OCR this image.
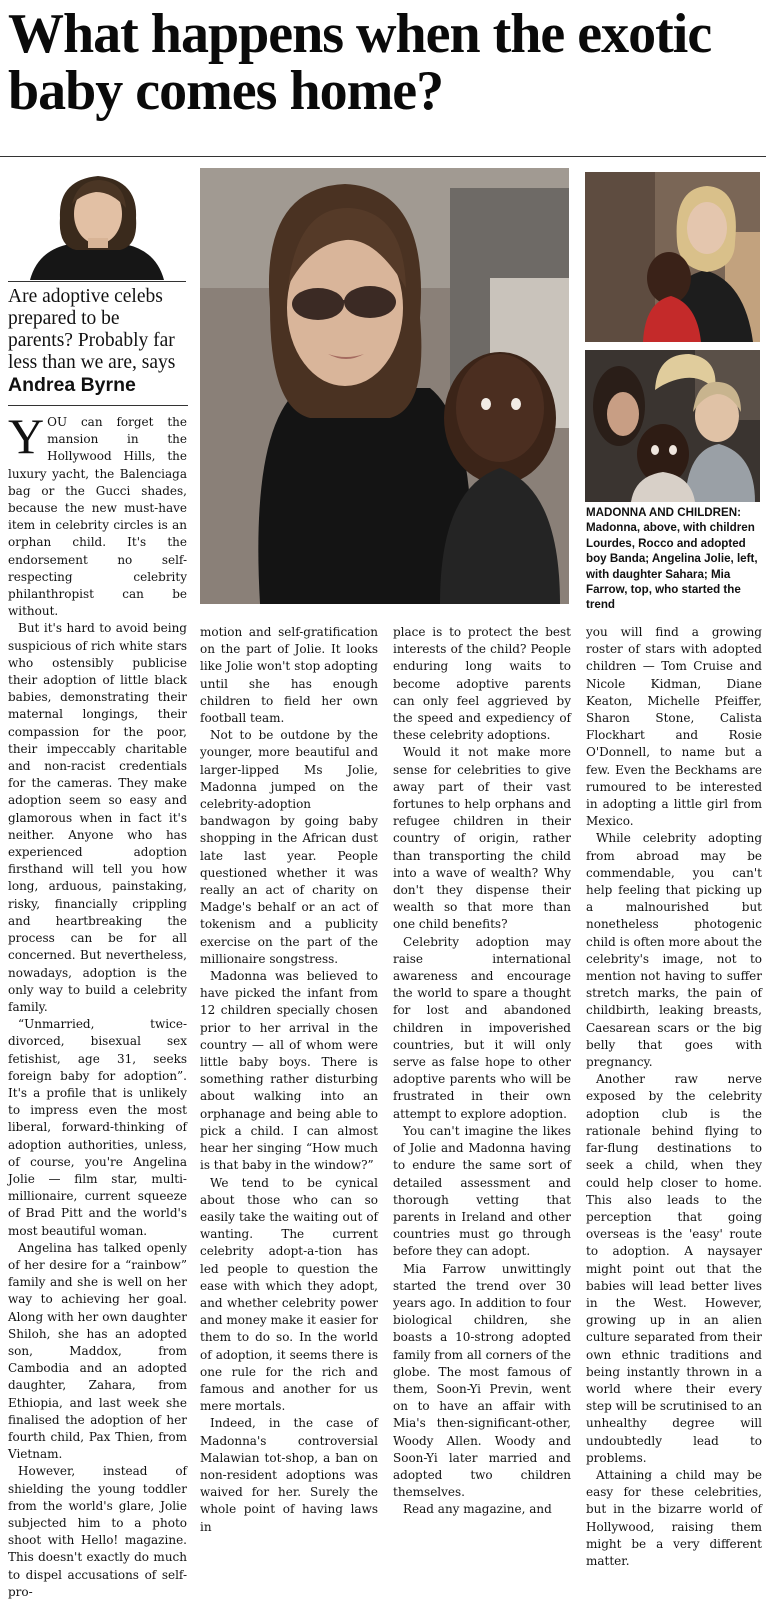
What happens when the exotic baby comes home?

Are adoptive celebs prepared to be parents? Probably far less than we are, says Andrea Byrne

MADONNA AND CHILDREN: Madonna, above, with children Lourdes, Rocco and adopted boy Banda; Angelina Jolie, left, with daughter Sahara; Mia Farrow, top, who started the trend

YOU can forget the mansion in the Hollywood Hills, the luxury yacht, the Balenciaga bag or the Gucci shades, because the new must-have item in celebrity circles is an orphan child. It's the endorsement no self-respecting celebrity philanthropist can be without.

But it's hard to avoid being suspicious of rich white stars who ostensibly publicise their adoption of little black babies, demonstrating their maternal longings, their compassion for the poor, their impeccably charitable and non-racist credentials for the cameras. They make adoption seem so easy and glamorous when in fact it's neither. Anyone who has experienced adoption firsthand will tell you how long, arduous, painstaking, risky, financially crippling and heartbreaking the process can be for all concerned. But nevertheless, nowadays, adoption is the only way to build a celebrity family.

“Unmarried, twice-divorced, bisexual sex fetishist, age 31, seeks foreign baby for adoption”. It's a profile that is unlikely to impress even the most liberal, forward-thinking of adoption authorities, unless, of course, you're Angelina Jolie — film star, multi-millionaire, current squeeze of Brad Pitt and the world's most beautiful woman.

Angelina has talked openly of her desire for a “rainbow” family and she is well on her way to achieving her goal. Along with her own daughter Shiloh, she has an adopted son, Maddox, from Cambodia and an adopted daughter, Zahara, from Ethiopia, and last week she finalised the adoption of her fourth child, Pax Thien, from Vietnam.

However, instead of shielding the young toddler from the world's glare, Jolie subjected him to a photo shoot with Hello! magazine. This doesn't exactly do much to dispel accusations of self-pro-

motion and self-gratification on the part of Jolie. It looks like Jolie won't stop adopting until she has enough children to field her own football team.

Not to be outdone by the younger, more beautiful and larger-lipped Ms Jolie, Madonna jumped on the celebrity-adoption bandwagon by going baby shopping in the African dust late last year. People questioned whether it was really an act of charity on Madge's behalf or an act of tokenism and a publicity exercise on the part of the millionaire songstress.

Madonna was believed to have picked the infant from 12 children specially chosen prior to her arrival in the country — all of whom were little baby boys. There is something rather disturbing about walking into an orphanage and being able to pick a child. I can almost hear her singing “How much is that baby in the window?”

We tend to be cynical about those who can so easily take the waiting out of wanting. The current celebrity adopt-a-tion has led people to question the ease with which they adopt, and whether celebrity power and money make it easier for them to do so. In the world of adoption, it seems there is one rule for the rich and famous and another for us mere mortals.

Indeed, in the case of Madonna's controversial Malawian tot-shop, a ban on non-resident adoptions was waived for her. Surely the whole point of having laws in

place is to protect the best interests of the child? People enduring long waits to become adoptive parents can only feel aggrieved by the speed and expediency of these celebrity adoptions.

Would it not make more sense for celebrities to give away part of their vast fortunes to help orphans and refugee children in their country of origin, rather than transporting the child into a wave of wealth? Why don't they dispense their wealth so that more than one child benefits?

Celebrity adoption may raise international awareness and encourage the world to spare a thought for lost and abandoned children in impoverished countries, but it will only serve as false hope to other adoptive parents who will be frustrated in their own attempt to explore adoption.

You can't imagine the likes of Jolie and Madonna having to endure the same sort of detailed assessment and thorough vetting that parents in Ireland and other countries must go through before they can adopt.

Mia Farrow unwittingly started the trend over 30 years ago. In addition to four biological children, she boasts a 10-strong adopted family from all corners of the globe. The most famous of them, Soon-Yi Previn, went on to have an affair with Mia's then-significant-other, Woody Allen. Woody and Soon-Yi later married and adopted two children themselves.

Read any magazine, and

you will find a growing roster of stars with adopted children — Tom Cruise and Nicole Kidman, Diane Keaton, Michelle Pfeiffer, Sharon Stone, Calista Flockhart and Rosie O'Donnell, to name but a few. Even the Beckhams are rumoured to be interested in adopting a little girl from Mexico.

While celebrity adopting from abroad may be commendable, you can't help feeling that picking up a malnourished but nonetheless photogenic child is often more about the celebrity's image, not to mention not having to suffer stretch marks, the pain of childbirth, leaking breasts, Caesarean scars or the big belly that goes with pregnancy.

Another raw nerve exposed by the celebrity adoption club is the rationale behind flying to far-flung destinations to seek a child, when they could help closer to home. This also leads to the perception that going overseas is the 'easy' route to adoption. A naysayer might point out that the babies will lead better lives in the West. However, growing up in an alien culture separated from their own ethnic traditions and being instantly thrown in a world where their every step will be scrutinised to an unhealthy degree will undoubtedly lead to problems.

Attaining a child may be easy for these celebrities, but in the bizarre world of Hollywood, raising them might be a very different matter.
